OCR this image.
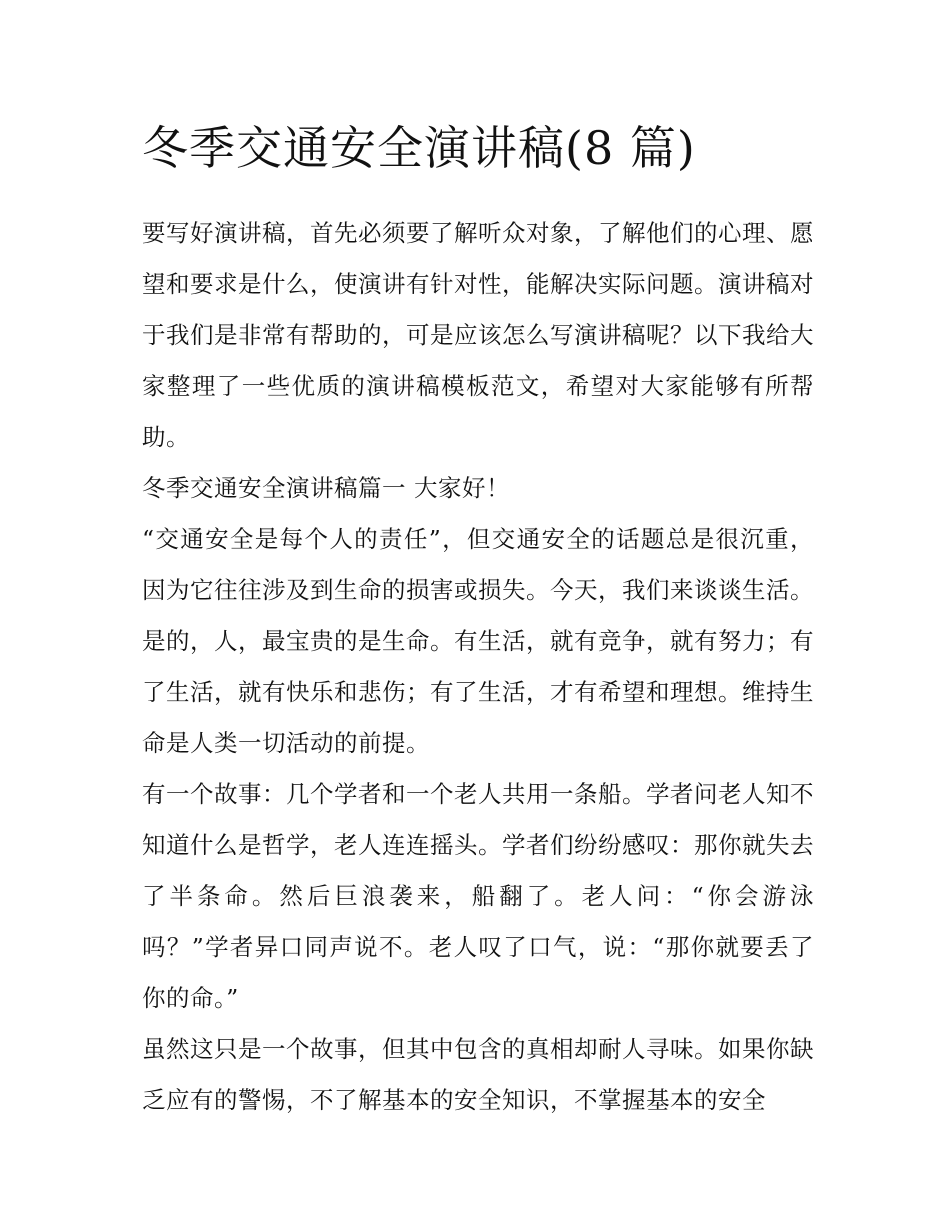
冬季交通安全演讲稿(8 篇)

要写好演讲稿，首先必须要了解听众对象，了解他们的心理、愿望和要求是什么，使演讲有针对性，能解决实际问题。演讲稿对于我们是非常有帮助的，可是应该怎么写演讲稿呢？以下我给大家整理了一些优质的演讲稿模板范文，希望对大家能够有所帮助。

冬季交通安全演讲稿篇一 大家好！

“交通安全是每个人的责任”，但交通安全的话题总是很沉重，因为它往往涉及到生命的损害或损失。今天，我们来谈谈生活。是的，人，最宝贵的是生命。有生活，就有竞争，就有努力；有了生活，就有快乐和悲伤；有了生活，才有希望和理想。维持生命是人类一切活动的前提。

有一个故事：几个学者和一个老人共用一条船。学者问老人知不知道什么是哲学，老人连连摇头。学者们纷纷感叹：那你就失去了半条命。然后巨浪袭来，船翻了。老人问：“你会游泳吗？”学者异口同声说不。老人叹了口气，说：“那你就要丢了你的命。”

虽然这只是一个故事，但其中包含的真相却耐人寻味。如果你缺乏应有的警惕，不了解基本的安全知识，不掌握基本的安全
